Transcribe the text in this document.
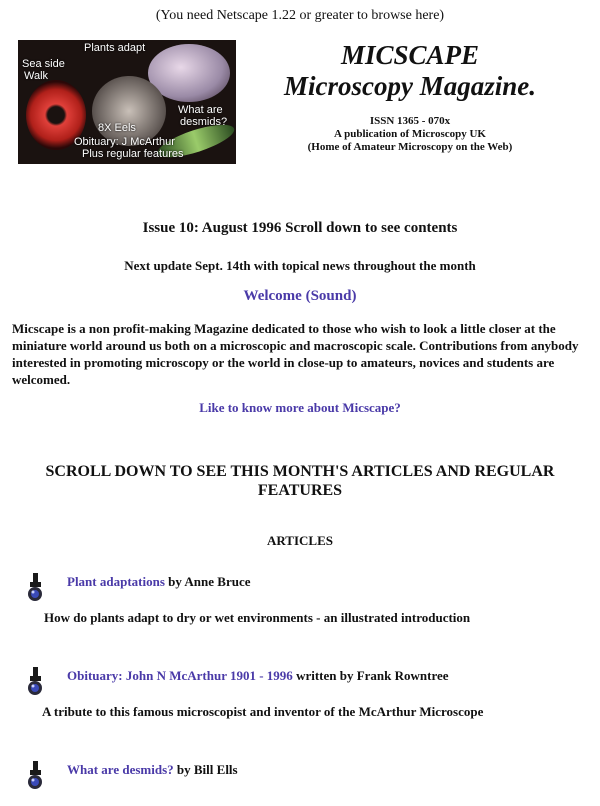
(You need Netscape 1.22 or greater to browse here)
Plants adapt
Sea side
Walk
What are
desmids?
8X Eels
Obituary: J McArthur
Plus regular features
MICSCAPE
Microscopy Magazine.
ISSN 1365 - 070x
A publication of Microscopy UK
(Home of Amateur Microscopy on the Web)
Issue 10: August 1996 Scroll down to see contents
Next update Sept. 14th with topical news throughout the month
Welcome (Sound)
Micscape is a non profit-making Magazine dedicated to those who wish to look a little closer at the miniature world around us both on a microscopic and macroscopic scale. Contributions from anybody interested in promoting microscopy or the world in close-up to amateurs, novices and students are welcomed.
Like to know more about Micscape?
SCROLL DOWN TO SEE THIS MONTH'S ARTICLES AND REGULAR FEATURES
ARTICLES
Plant adaptations by Anne Bruce
How do plants adapt to dry or wet environments - an illustrated introduction
Obituary: John N McArthur 1901 - 1996 written by Frank Rowntree
A tribute to this famous microscopist and inventor of the McArthur Microscope
What are desmids? by Bill Ells
